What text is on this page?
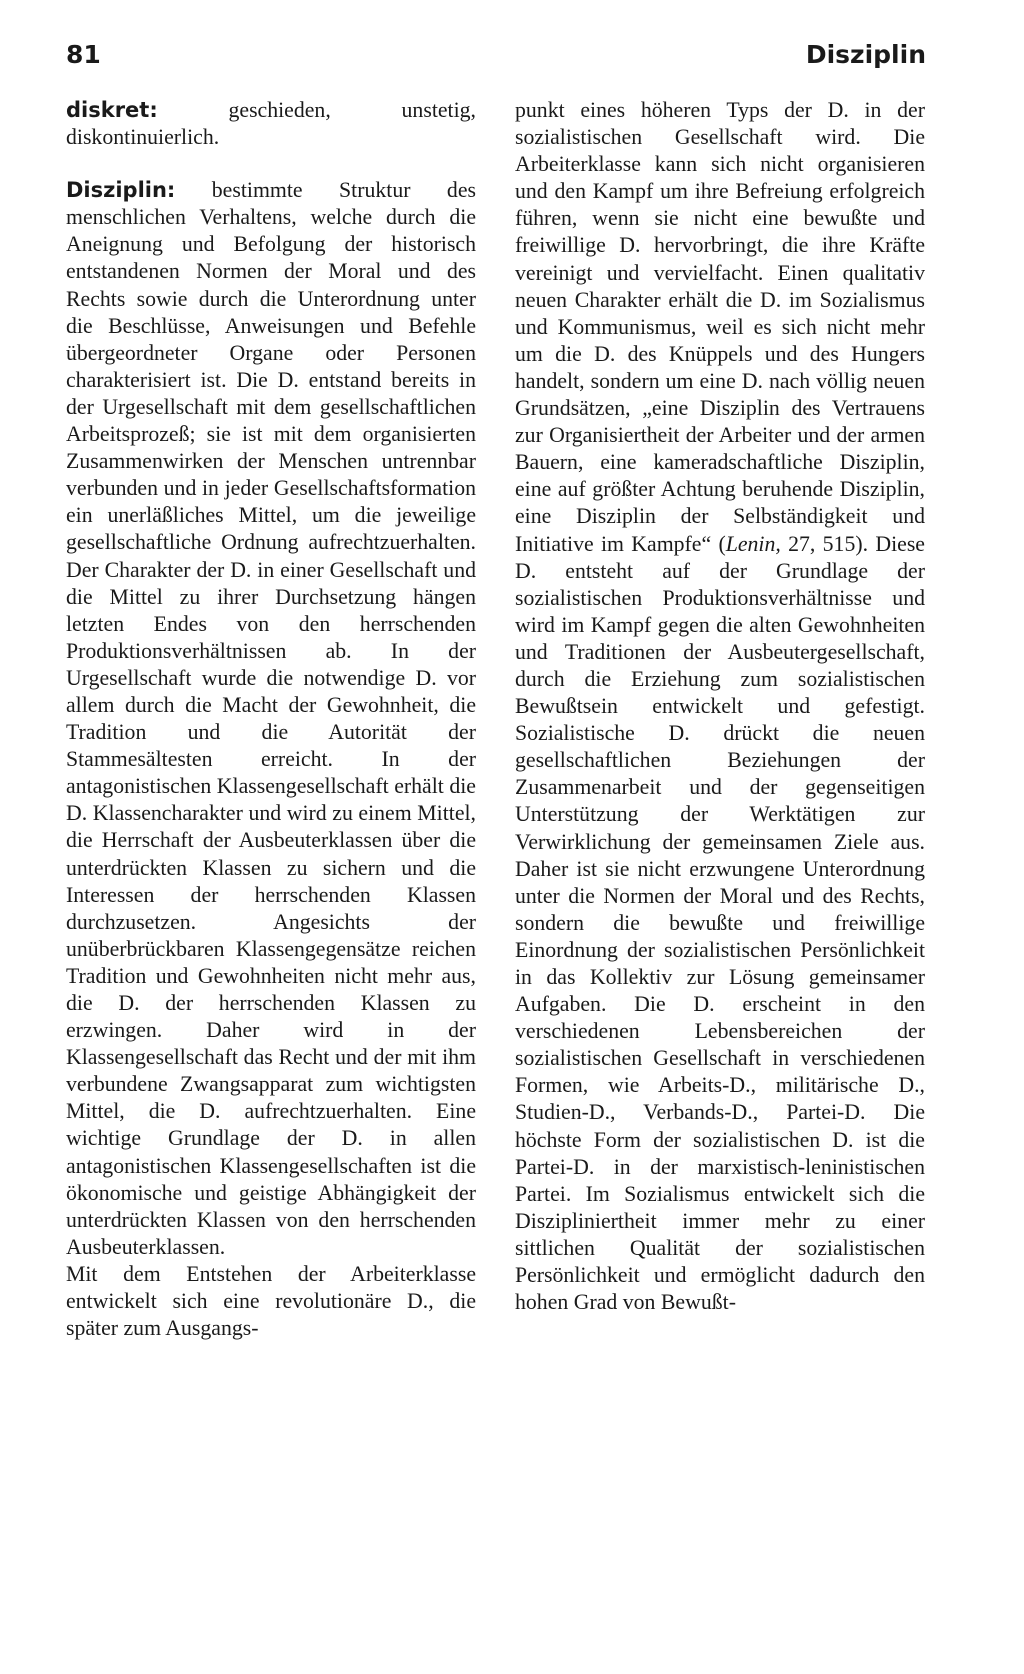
81	Disziplin

diskret:	geschieden, unstetig, diskontinuierlich.

Disziplin: bestimmte Struktur des menschlichen Verhaltens, welche durch die Aneignung und Befolgung der historisch entstandenen Normen der Moral und des Rechts sowie durch die Unterordnung unter die Beschlüsse, Anweisungen und Befehle übergeordneter Organe oder Personen charakterisiert ist. Die D. entstand bereits in der Urgesellschaft mit dem gesellschaftlichen Arbeitsprozeß; sie ist mit dem organisierten Zusammenwirken der Menschen untrennbar verbunden und in jeder Gesellschaftsformation ein unerläßliches Mittel, um die jeweilige gesellschaftliche Ordnung aufrechtzuerhalten. Der Charakter der D. in einer Gesellschaft und die Mittel zu ihrer Durchsetzung hängen letzten Endes von den herrschenden Produktionsverhältnissen ab. In der Urgesellschaft wurde die notwendige D. vor allem durch die Macht der Gewohnheit, die Tradition und die Autorität der Stammesältesten erreicht. In der antagonistischen Klassengesellschaft erhält die D. Klassencharakter und wird zu einem Mittel, die Herrschaft der Ausbeuterklassen über die unterdrückten Klassen zu sichern und die Interessen der herrschenden Klassen durchzusetzen. Angesichts der unüberbrückbaren Klassengegensätze reichen Tradition und Gewohnheiten nicht mehr aus, die D. der herrschenden Klassen zu erzwingen. Daher wird in der Klassengesellschaft das Recht und der mit ihm verbundene Zwangsapparat zum wichtigsten Mittel, die D. aufrechtzuerhalten. Eine wichtige Grundlage der D. in allen antagonistischen Klassengesellschaften ist die ökonomische und geistige Abhängigkeit der unterdrückten Klassen von den herrschenden Ausbeuterklassen.

Mit dem Entstehen der Arbeiterklasse entwickelt sich eine revolutionäre D., die später zum Ausgangs-

punkt eines höheren Typs der D. in der sozialistischen Gesellschaft wird. Die Arbeiterklasse kann sich nicht organisieren und den Kampf um ihre Befreiung erfolgreich führen, wenn sie nicht eine bewußte und freiwillige D. hervorbringt, die ihre Kräfte vereinigt und vervielfacht. Einen qualitativ neuen Charakter erhält die D. im Sozialismus und Kommunismus, weil es sich nicht mehr um die D. des Knüppels und des Hungers handelt, sondern um eine D. nach völlig neuen Grundsätzen, „eine Disziplin des Vertrauens zur Organisiertheit der Arbeiter und der armen Bauern, eine kameradschaftliche Disziplin, eine auf größter Achtung beruhende Disziplin, eine Disziplin der Selbständigkeit und Initiative im Kampfe“ (Lenin, 27, 515). Diese D. entsteht auf der Grundlage der sozialistischen Produktionsverhältnisse und wird im Kampf gegen die alten Gewohnheiten und Traditionen der Ausbeutergesellschaft, durch die Erziehung zum sozialistischen Bewußtsein entwickelt und gefestigt. Sozialistische D. drückt die neuen gesellschaftlichen Beziehungen der Zusammenarbeit und der gegenseitigen Unterstützung der Werktätigen zur Verwirklichung der gemeinsamen Ziele aus. Daher ist sie nicht erzwungene Unterordnung unter die Normen der Moral und des Rechts, sondern die bewußte und freiwillige Einordnung der sozialistischen Persönlichkeit in das Kollektiv zur Lösung gemeinsamer Aufgaben. Die D. erscheint in den verschiedenen Lebensbereichen der sozialistischen Gesellschaft in verschiedenen Formen, wie Arbeits-D., militärische D., Studien-D., Verbands-D., Partei-D. Die höchste Form der sozialistischen D. ist die Partei-D. in der marxistisch-leninistischen Partei. Im Sozialismus entwickelt sich die Diszipliniertheit immer mehr zu einer sittlichen Qualität der sozialistischen Persönlichkeit und ermöglicht dadurch den hohen Grad von Bewußt-
